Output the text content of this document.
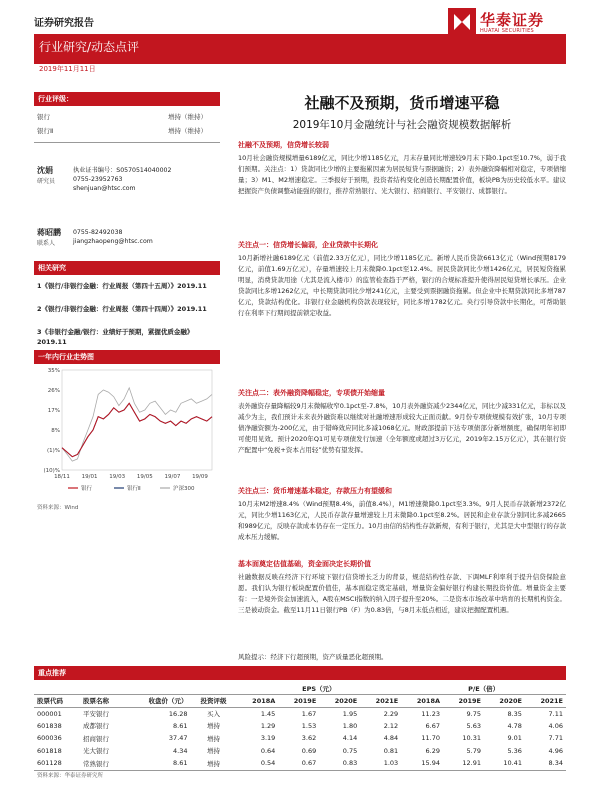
证券研究报告	华泰证券
HUATAI SECURITIES
行业研究/动态点评
2019年11月11日
行业评级：
银行	增持（维持）
银行Ⅱ	增持（维持）
沈娟
研究员
执业证书编号：S0570514040002
0755-23952763
shenjuan@htsc.com
蒋昭鹏
联系人
0755-82492038
jiangzhaopeng@htsc.com
相关研究
1《银行/非银行金融：行业周报（第四十五周）》2019.11
2《银行/非银行金融：行业周报（第四十四周）》2019.11
3《非银行金融/银行：业绩好于预期，紧握优质金融》2019.11
一年内行业走势图
35%
26%
17%
8%
(1)%
(10)%
18/11 19/01 19/03 19/05 19/07 19/09
银行	银行Ⅱ	沪深300
资料来源：Wind
社融不及预期，货币增速平稳
2019年10月金融统计与社会融资规模数据解析
社融不及预期，信贷增长较弱
10月社会融资规模增量6189亿元，同比少增1185亿元，月末存量同比增速较9月末下降0.1pct至10.7%，弱于我们预期。关注点：1）贷款同比少增的主要拖累因素为居民短贷与票据融资；2）表外融资降幅相对稳定，专项债缩量；3）M1、M2增速稳定。三季报好于预期，投资者结构变化创造长期配置价值，板块PB为历史较低水平。建议把握资产负债调整动能强的银行，推荐常熟银行、光大银行、招商银行、平安银行、成都银行。
关注点一：信贷增长偏弱，企业贷款中长期化
10月新增社融6189亿元（前值2.33万亿元），同比少增1185亿元。新增人民币贷款6613亿元（Wind预期8179亿元，前值1.69万亿元），存量增速较上月末微降0.1pct至12.4%。居民贷款同比少增1426亿元，居民短贷拖累明显，消费贷款用途（尤其是流入楼市）的监管检查趋于严格，银行的合规标准提升使得居民短贷增长承压。企业贷款同比多增1262亿元，中长期贷款同比少增241亿元，主要受到票据融资拖累。但企业中长期贷款同比多增787亿元，贷款结构优化。非银行业金融机构贷款表现较好，同比多增1782亿元。央行引导贷款中长期化，可帮助银行在利率下行期间提前锁定收益。
关注点二：表外融资降幅稳定，专项债开始缩量
表外融资存量降幅较9月末微幅收窄0.1pct至-7.8%，10月表外融资减少2344亿元，同比少减331亿元，非标以及减少为主，我们预计未来表外融资难以继续对社融增速形成较大正面贡献。9月份专项债规模有效扩张，10月专项债净融资额为-200亿元，由于错峰效应同比多减1068亿元。财政部提前下达专项债部分新增额度，确保明年初即可使用见效。预计2020年Q1可见专项债发行加速（全年额度或超过3万亿元，2019年2.15万亿元），其在银行资产配置中“免税+资本占用轻”优势有望发挥。
关注点三：货币增速基本稳定，存款压力有望缓和
10月末M2增速8.4%（Wind预期8.4%，前值8.4%），M1增速微降0.1pct至3.3%。9月人民币存款新增2372亿元，同比少增1163亿元，人民币存款存量增速较上月末微降0.1pct至8.2%。居民和企业存款分别同比多减2665和989亿元，反映存款成本仍存在一定压力。10月由信的结构性存款新规，有利于银行，尤其是大中型银行的存款成本压力缓解。
基本面奠定估值基础，资金面决定长期价值
社融数据反映在经济下行环境下银行信贷增长乏力的背景，规范结构性存款、下调MLF利率利于提升信贷保险意愿。我们认为银行板块配置价值佳，基本面稳定奠定基础，增量资金偏好银行构建长期投资价值。增量资金主要有：一是境外资金加速流入，A股在MSCI指数的纳入因子提升至20%。二是资本市场改革中培育的长期机构资金。三是被动资金。截至11月11日银行PB（F）为0.83倍，与8月末低点相近，建议把握配置机遇。
风险提示：经济下行超预期，资产质量恶化超预期。
重点推荐
				EPS（元）				P/E（倍）			
股票代码	股票名称	收盘价（元）	投资评级	2018A	2019E	2020E	2021E	2018A	2019E	2020E	2021E
000001	平安银行	16.28	买入	1.45	1.67	1.95	2.29	11.23	9.75	8.35	7.11
601838	成都银行	8.61	增持	1.29	1.53	1.80	2.12	6.67	5.63	4.78	4.06
600036	招商银行	37.47	增持	3.19	3.62	4.14	4.84	11.70	10.31	9.01	7.71
601818	光大银行	4.34	增持	0.64	0.69	0.75	0.81	6.29	5.79	5.36	4.96
601128	常熟银行	8.61	增持	0.54	0.67	0.83	1.03	15.94	12.91	10.41	8.34
资料来源：华泰证券研究所
